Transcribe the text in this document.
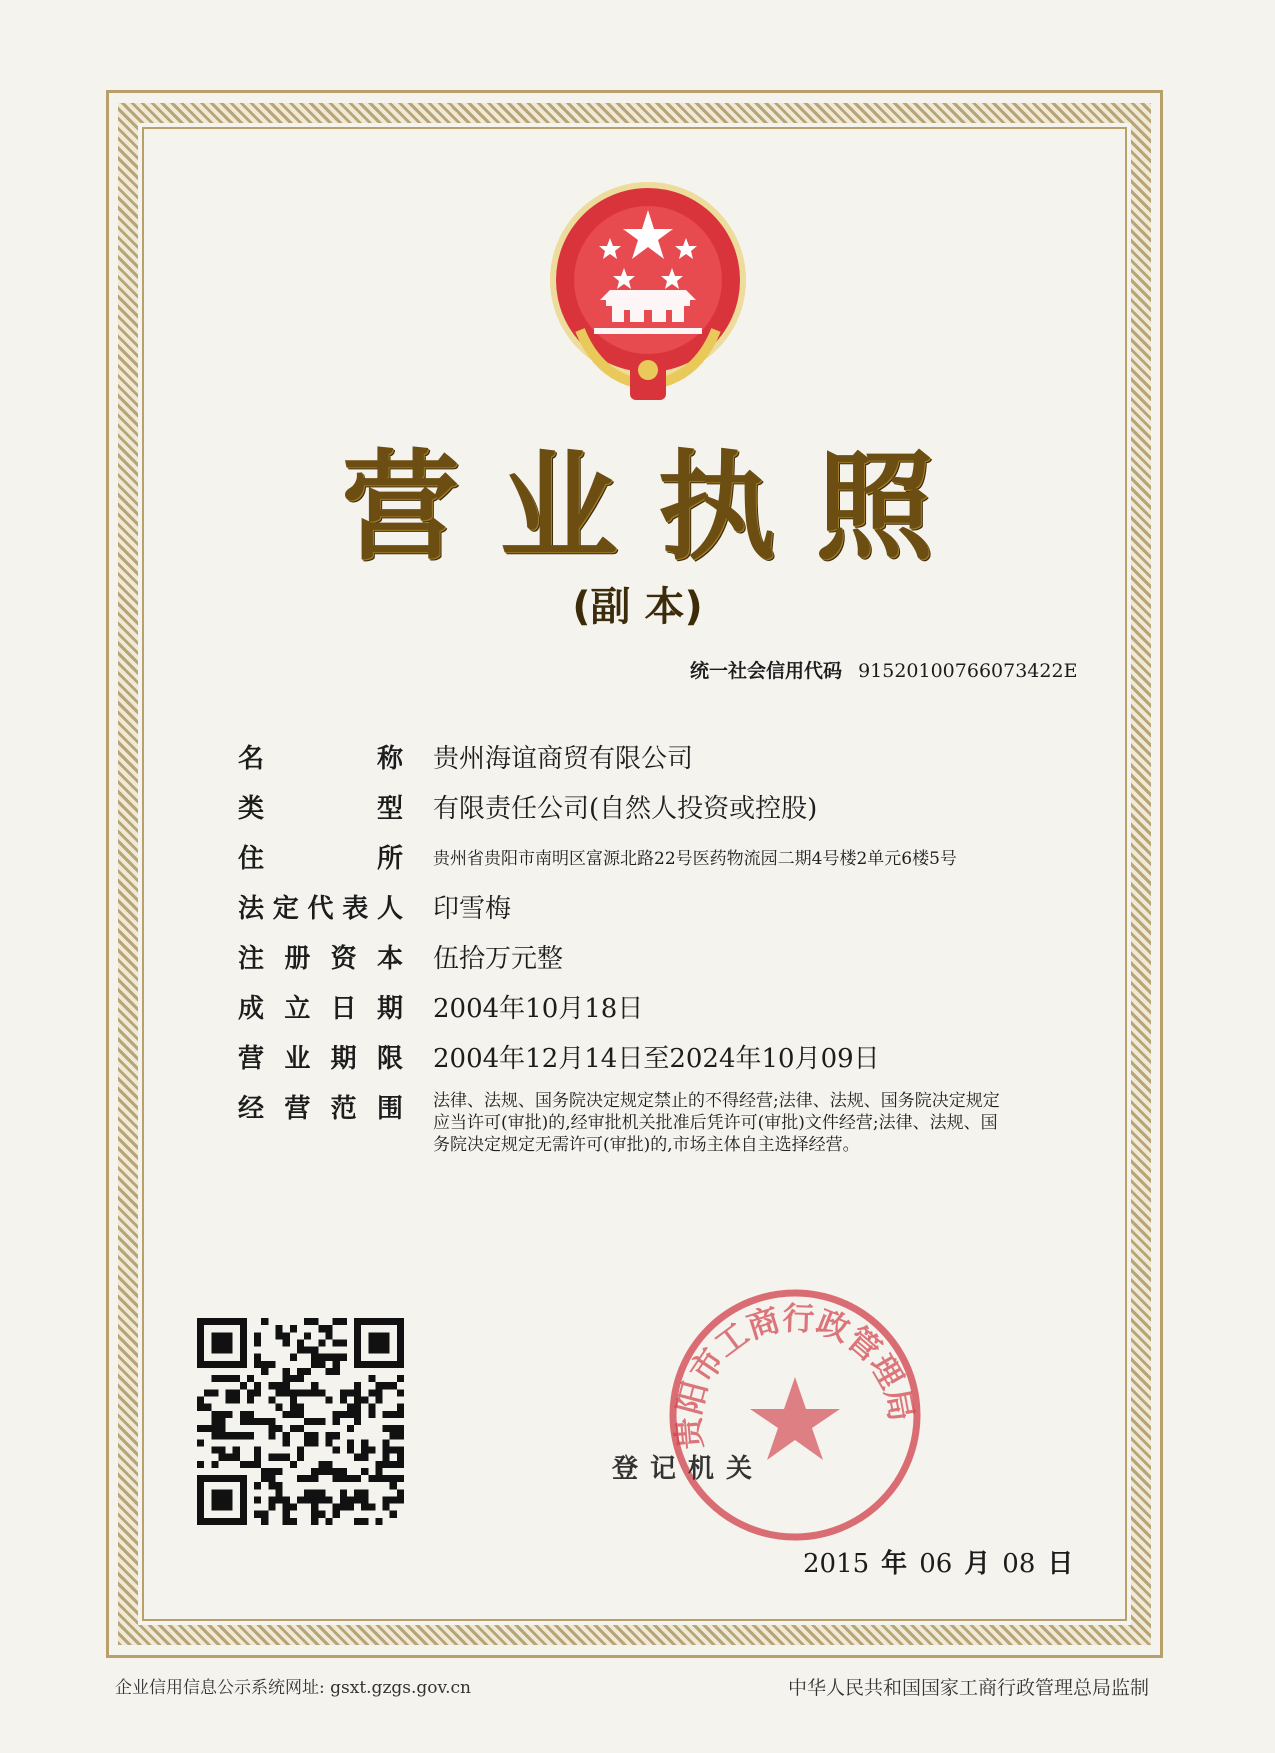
营业执照
(副 本)
统一社会信用代码 91520100766073422E
名称 贵州海谊商贸有限公司
类型 有限责任公司(自然人投资或控股)
住所 贵州省贵阳市南明区富源北路22号医药物流园二期4号楼2单元6楼5号
法定代表人 印雪梅
注册资本 伍拾万元整
成立日期 2004年10月18日
营业期限 2004年12月14日至2024年10月09日
经营范围 法律、法规、国务院决定规定禁止的不得经营;法律、法规、国务院决定规定应当许可(审批)的,经审批机关批准后凭许可(审批)文件经营;法律、法规、国务院决定规定无需许可(审批)的,市场主体自主选择经营。
贵阳市工商行政管理局
登记机关
2015 年 06 月 08 日
企业信用信息公示系统网址: gsxt.gzgs.gov.cn	中华人民共和国国家工商行政管理总局监制
